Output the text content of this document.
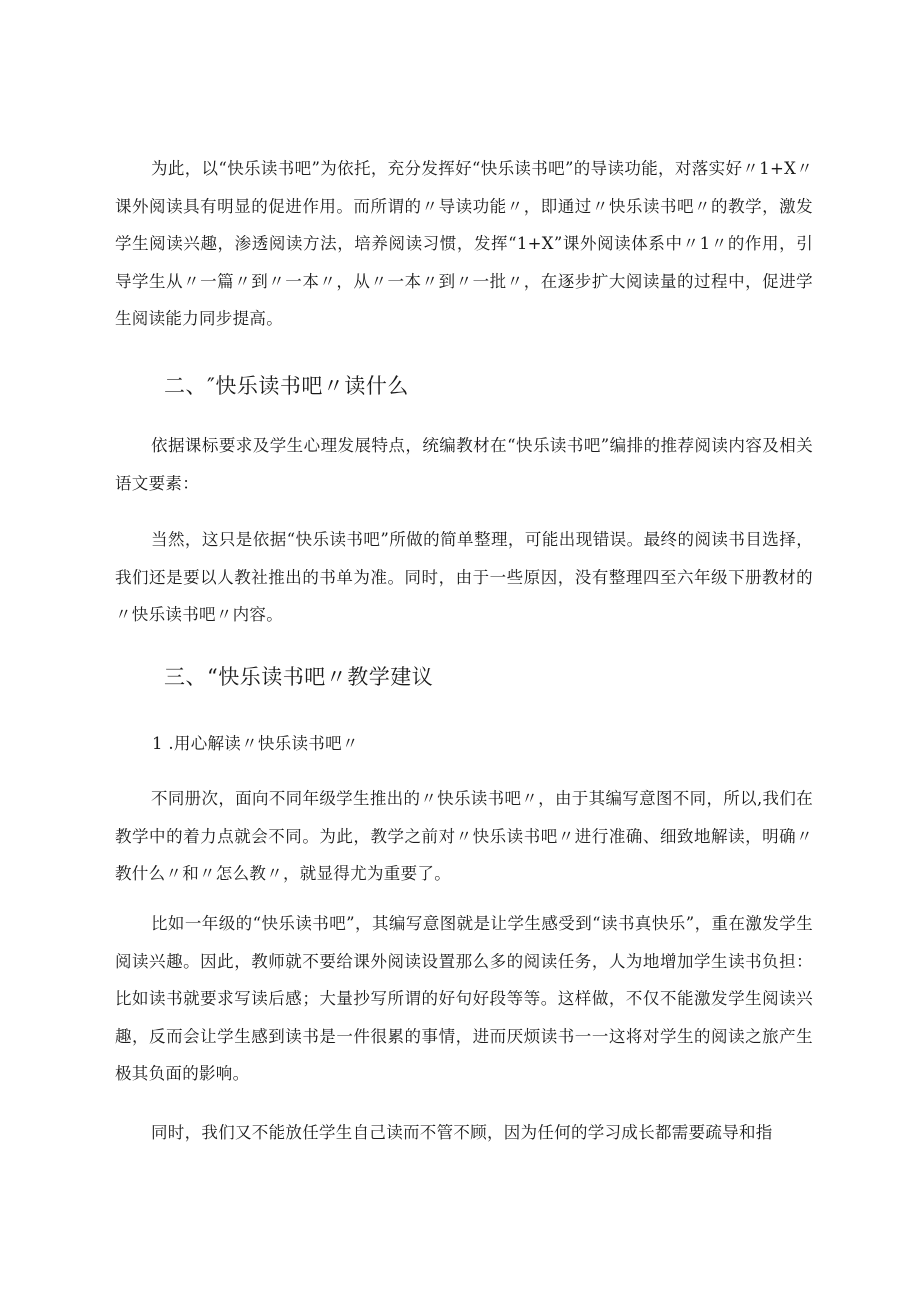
为此，以“快乐读书吧”为依托，充分发挥好“快乐读书吧”的导读功能，对落实好〃1+X〃课外阅读具有明显的促进作用。而所谓的〃导读功能〃，即通过〃快乐读书吧〃的教学，激发学生阅读兴趣，渗透阅读方法，培养阅读习惯，发挥“1+X”课外阅读体系中〃1〃的作用，引导学生从〃一篇〃到〃一本〃，从〃一本〃到〃一批〃，在逐步扩大阅读量的过程中，促进学生阅读能力同步提高。

二、″快乐读书吧〃读什么

依据课标要求及学生心理发展特点，统编教材在“快乐读书吧”编排的推荐阅读内容及相关语文要素：

当然，这只是依据“快乐读书吧”所做的简单整理，可能出现错误。最终的阅读书目选择，我们还是要以人教社推出的书单为准。同时，由于一些原因，没有整理四至六年级下册教材的〃快乐读书吧〃内容。

三、“快乐读书吧〃教学建议

1 .用心解读〃快乐读书吧〃

不同册次，面向不同年级学生推出的〃快乐读书吧〃，由于其编写意图不同，所以,我们在教学中的着力点就会不同。为此，教学之前对〃快乐读书吧〃进行准确、细致地解读，明确〃教什么〃和〃怎么教〃，就显得尤为重要了。

比如一年级的“快乐读书吧”，其编写意图就是让学生感受到“读书真快乐”，重在激发学生阅读兴趣。因此，教师就不要给课外阅读设置那么多的阅读任务，人为地增加学生读书负担：比如读书就要求写读后感；大量抄写所谓的好句好段等等。这样做，不仅不能激发学生阅读兴趣，反而会让学生感到读书是一件很累的事情，进而厌烦读书一一这将对学生的阅读之旅产生极其负面的影响。

同时，我们又不能放任学生自己读而不管不顾，因为任何的学习成长都需要疏导和指
